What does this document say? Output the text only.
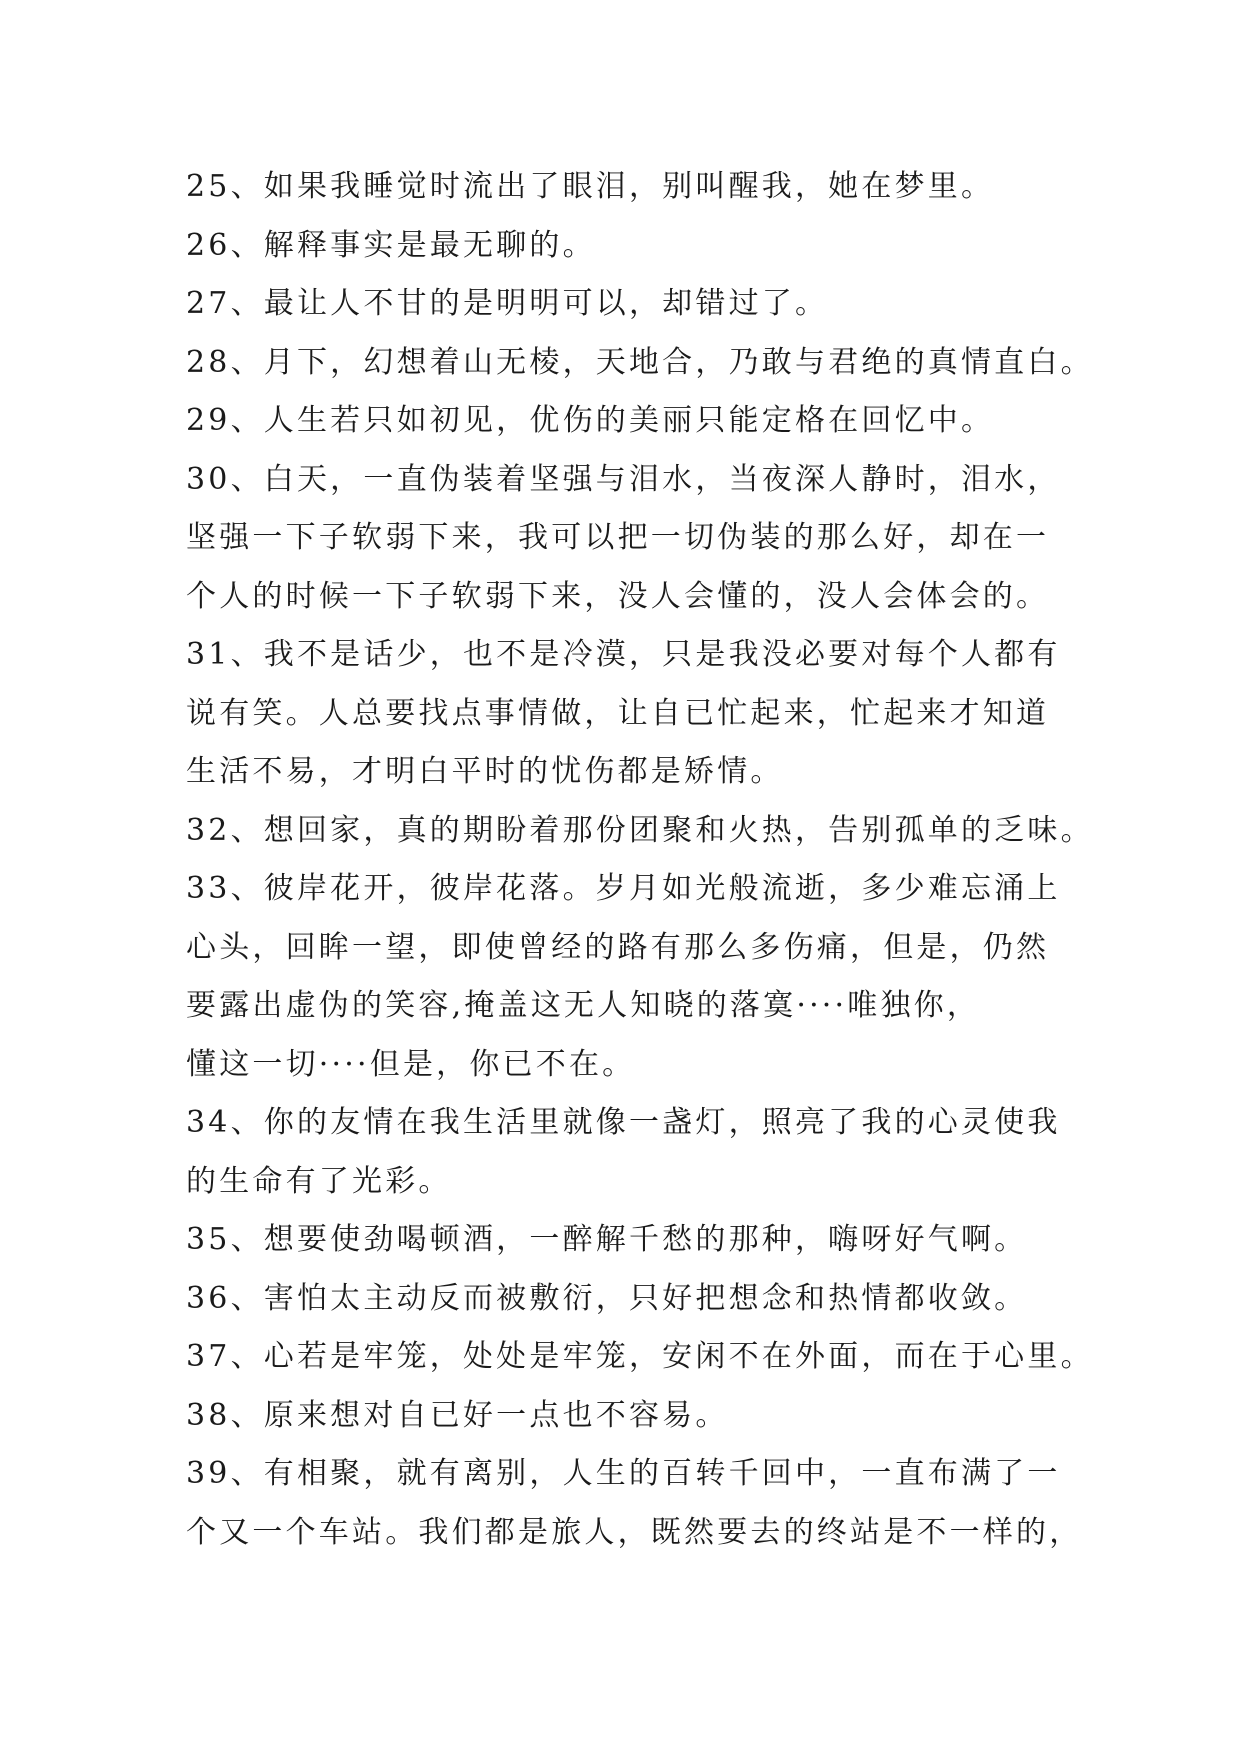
25、如果我睡觉时流出了眼泪，别叫醒我，她在梦里。
26、解释事实是最无聊的。
27、最让人不甘的是明明可以，却错过了。
28、月下，幻想着山无棱，天地合，乃敢与君绝的真情直白。
29、人生若只如初见，优伤的美丽只能定格在回忆中。
30、白天，一直伪装着坚强与泪水，当夜深人静时，泪水，
坚强一下子软弱下来，我可以把一切伪装的那么好，却在一
个人的时候一下子软弱下来，没人会懂的，没人会体会的。
31、我不是话少，也不是冷漠，只是我没必要对每个人都有
说有笑。人总要找点事情做，让自已忙起来，忙起来才知道
生活不易，才明白平时的忧伤都是矫情。
32、想回家，真的期盼着那份团聚和火热，告别孤单的乏味。
33、彼岸花开，彼岸花落。岁月如光般流逝，多少难忘涌上
心头，回眸一望，即使曾经的路有那么多伤痛，但是，仍然
要露出虚伪的笑容,掩盖这无人知晓的落寞····唯独你，
懂这一切····但是，你已不在。
34、你的友情在我生活里就像一盏灯，照亮了我的心灵使我
的生命有了光彩。
35、想要使劲喝顿酒，一醉解千愁的那种，嗨呀好气啊。
36、害怕太主动反而被敷衍，只好把想念和热情都收敛。
37、心若是牢笼，处处是牢笼，安闲不在外面，而在于心里。
38、原来想对自已好一点也不容易。
39、有相聚，就有离别，人生的百转千回中，一直布满了一
个又一个车站。我们都是旅人，既然要去的终站是不一样的，
